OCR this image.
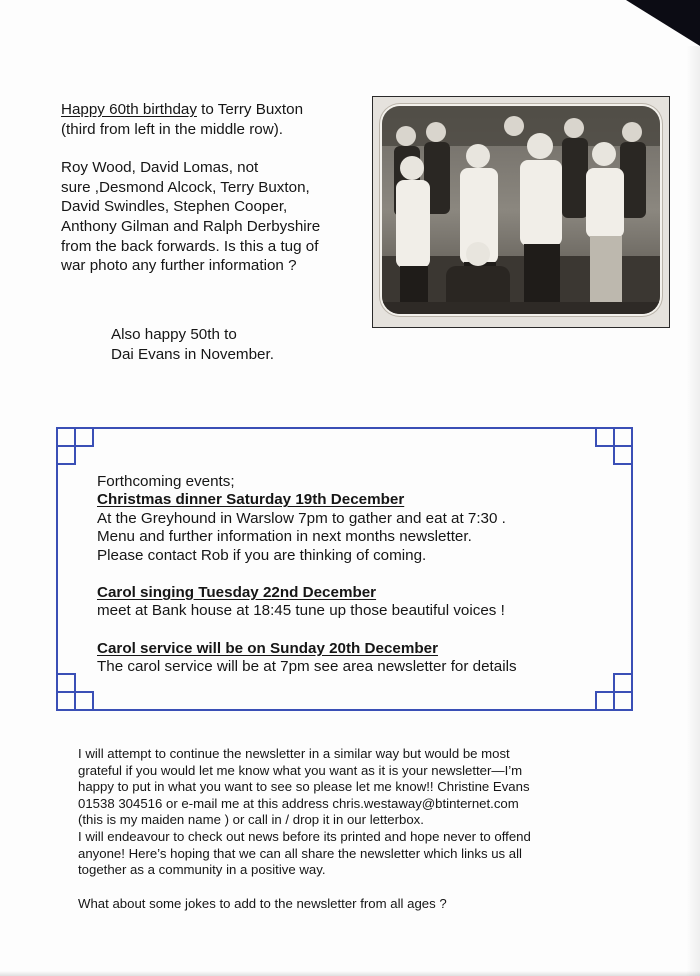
Happy 60th birthday to Terry Buxton

(third from left in the middle row).

Roy Wood, David Lomas, not

sure ,Desmond Alcock, Terry Buxton,

David Swindles, Stephen Cooper,

Anthony Gilman and Ralph Derbyshire

from the back forwards. Is this a tug of

war photo any further information ?

Also happy 50th to

Dai Evans in November.

Forthcoming events;

Christmas dinner Saturday 19th December

At the Greyhound in Warslow 7pm to gather and eat at 7:30 .

Menu and further information in next months newsletter.

Please contact Rob if you are thinking of coming.

Carol singing Tuesday 22nd December

meet at Bank house at 18:45 tune up those beautiful voices !

Carol service will be on Sunday 20th December

The carol service will be at 7pm see area newsletter for details

I will attempt to continue the newsletter in a similar way but would be most

grateful if you would let me know what you want as it is your newsletter—I’m

happy to put in what you want to see so please let me know!! Christine Evans

01538 304516 or e-mail me at this address chris.westaway@btinternet.com

(this is my maiden name ) or call in / drop it in our letterbox.

I will endeavour to check out news before its printed and hope never to offend

anyone! Here’s hoping that we can all share the newsletter which links us all

together as a community in a positive way.

What about some jokes to add to the newsletter from all ages ?
